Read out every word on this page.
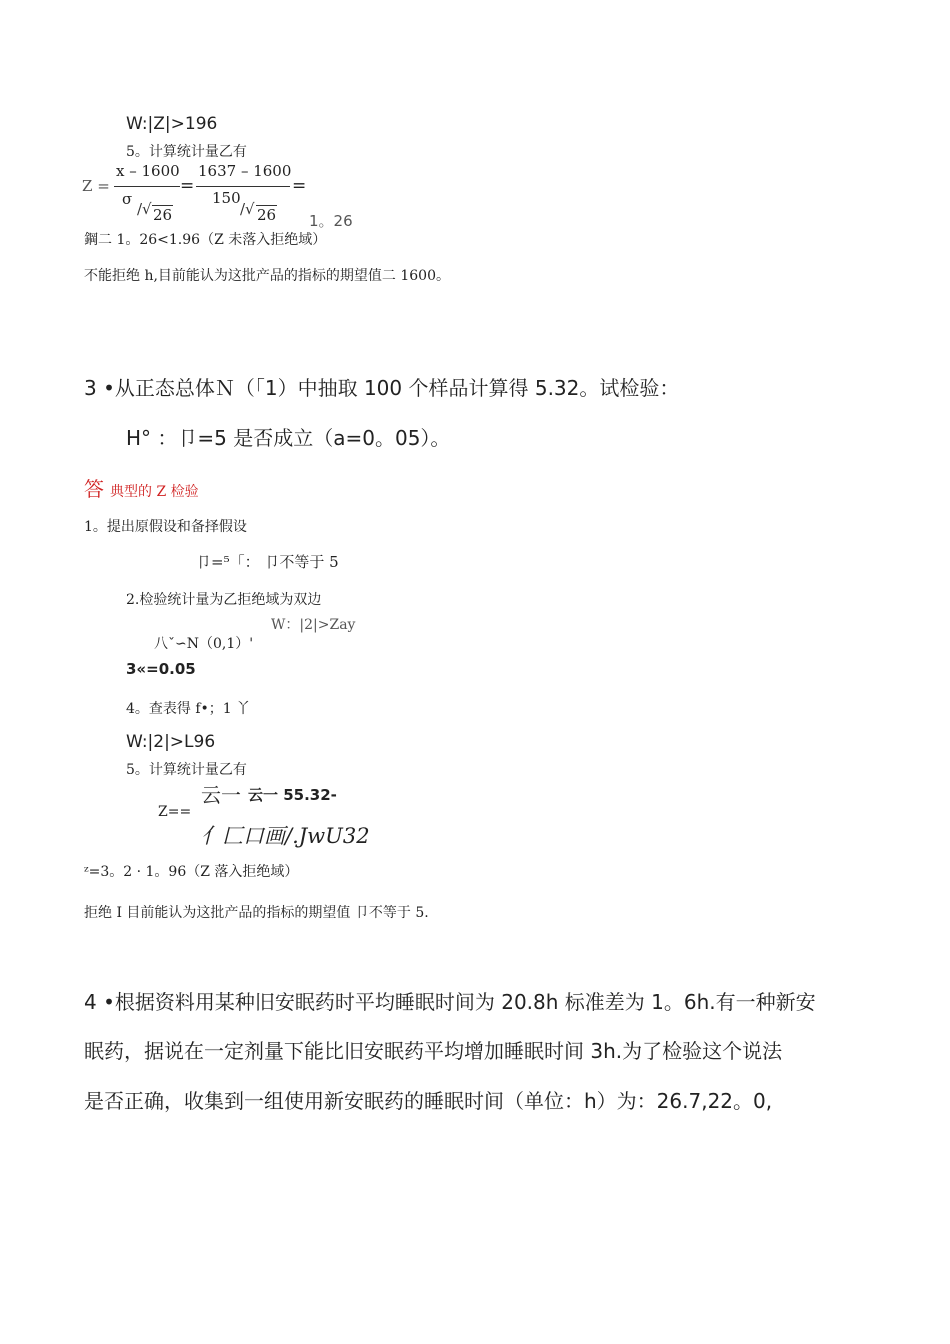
W:|Z|>196
5。计算统计量乙有
Z =
x – 1600
σ
/√ 26
=
1637 – 1600
150
/√ 26
=
1。26
鋼二 1。26<1.96（Z 未落入拒绝域）
不能拒绝 h,目前能认为这批产品的指标的期望值二 1600。
3 •从正态总体Ｎ（「1）中抽取 100 个样品计算得 5.32。试检验：
H° ：卩=5 是否成立（a=0。05）。
答 典型的 Z 检验
1。提出原假设和备择假设
卩=⁵「： 卩不等于 5
2.检验统计量为乙拒绝域为双边
W：|2|>Zay
八ˇ∽N（0,1）'
3«=0.05
4。查表得 f•；1 丫
W:|2|>L96
5。计算统计量乙有
云一 云一 55.32-
Z==
亻匚口画/.JwU32
ᶻ=3。2 · 1。96（Z 落入拒绝域）
拒绝 I 目前能认为这批产品的指标的期望值 卩不等于 5.
4 •根据资料用某种旧安眠药时平均睡眠时间为 20.8h 标准差为 1。6h.有一种新安
眠药，据说在一定剂量下能比旧安眠药平均增加睡眠时间 3h.为了检验这个说法
是否正确，收集到一组使用新安眠药的睡眠时间（单位：h）为：26.7,22。0,
